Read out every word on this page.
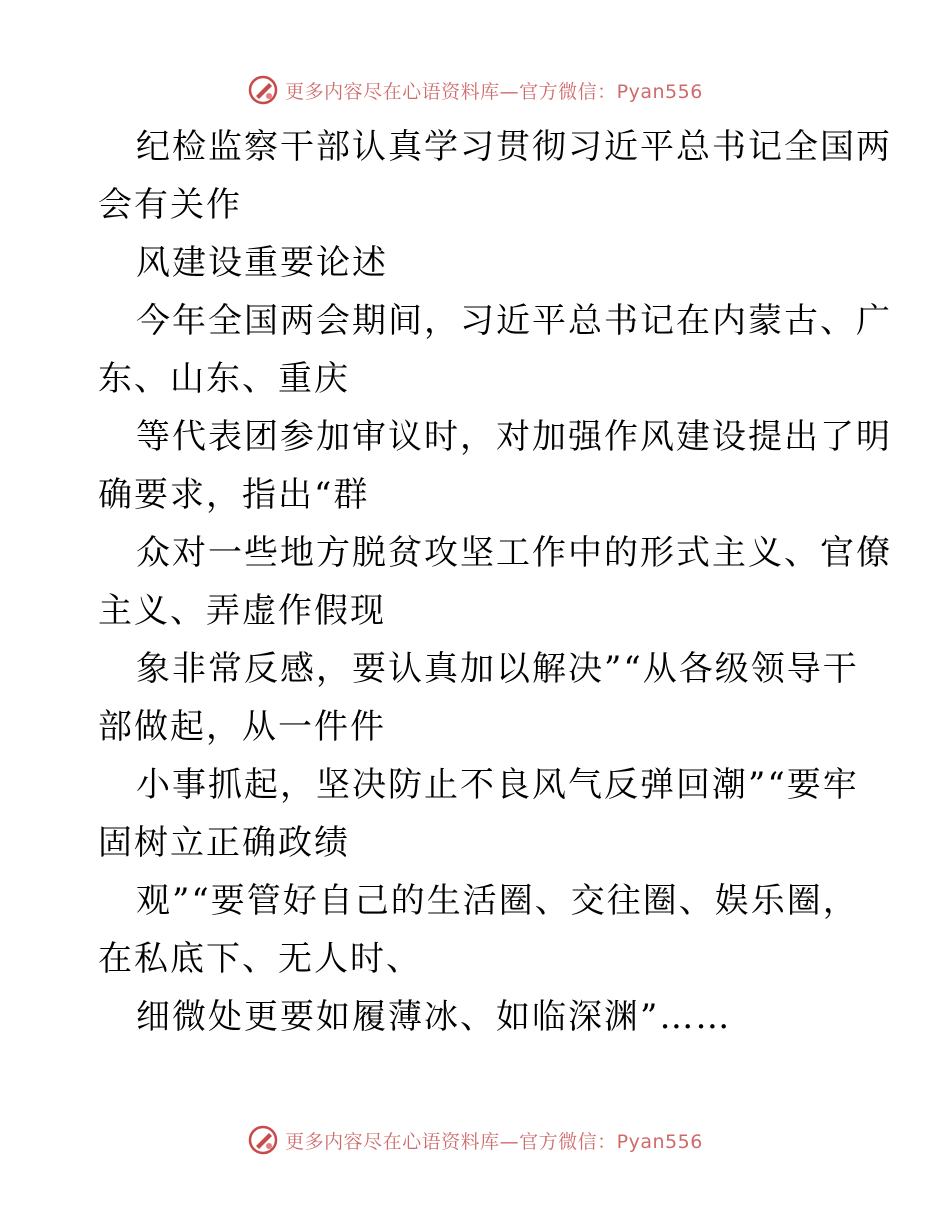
更多内容尽在心语资料库—官方微信：Pyan556
纪检监察干部认真学习贯彻习近平总书记全国两
会有关作
风建设重要论述
今年全国两会期间，习近平总书记在内蒙古、广
东、山东、重庆
等代表团参加审议时，对加强作风建设提出了明
确要求，指出“群
众对一些地方脱贫攻坚工作中的形式主义、官僚
主义、弄虚作假现
象非常反感，要认真加以解决”“从各级领导干
部做起，从一件件
小事抓起，坚决防止不良风气反弹回潮”“要牢
固树立正确政绩
观”“要管好自己的生活圈、交往圈、娱乐圈，
在私底下、无人时、
细微处更要如履薄冰、如临深渊”……
更多内容尽在心语资料库—官方微信：Pyan556
